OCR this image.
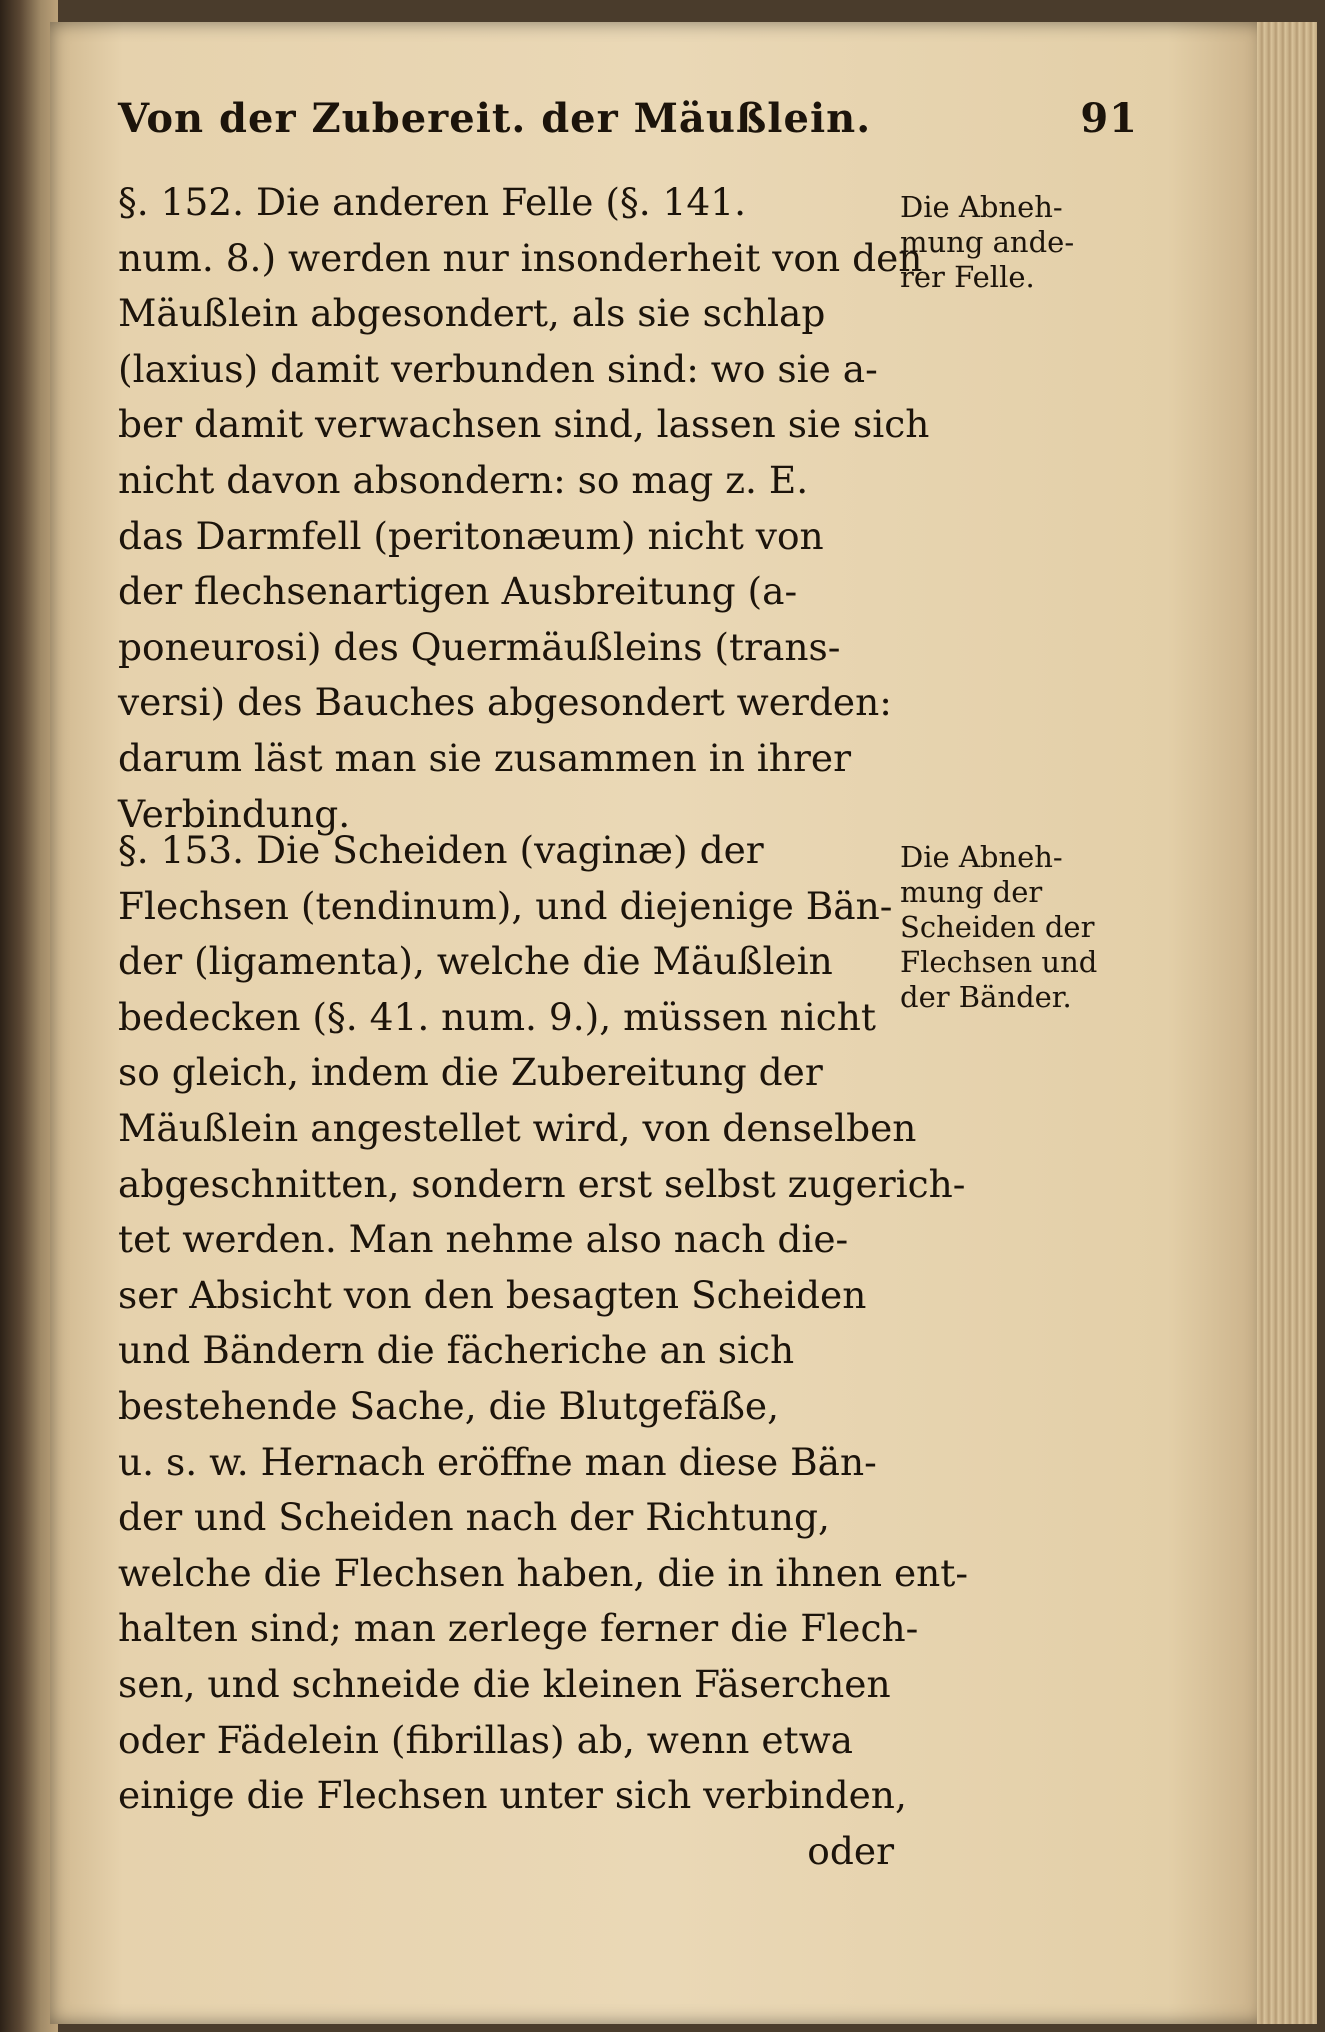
Von der Zubereit. der Mäußlein.	91
§. 152. Die anderen Felle (§. 141.
num. 8.) werden nur insonderheit von den
Mäußlein abgesondert, als sie schlap
(laxius) damit verbunden sind: wo sie a-
ber damit verwachsen sind, lassen sie sich
nicht davon absondern: so mag z. E.
das Darmfell (peritonæum) nicht von
der flechsenartigen Ausbreitung (a-
poneurosi) des Quermäußleins (trans-
versi) des Bauches abgesondert werden:
darum läst man sie zusammen in ihrer
Verbindung.
Die Abneh-
mung ande-
rer Felle.
§. 153. Die Scheiden (vaginæ) der
Flechsen (tendinum), und diejenige Bän-
der (ligamenta), welche die Mäußlein
bedecken (§. 41. num. 9.), müssen nicht
so gleich, indem die Zubereitung der
Mäußlein angestellet wird, von denselben
abgeschnitten, sondern erst selbst zugerich-
tet werden. Man nehme also nach die-
ser Absicht von den besagten Scheiden
und Bändern die fächeriche an sich
bestehende Sache, die Blutgefäße,
u. s. w. Hernach eröffne man diese Bän-
der und Scheiden nach der Richtung,
welche die Flechsen haben, die in ihnen ent-
halten sind; man zerlege ferner die Flech-
sen, und schneide die kleinen Fäserchen
oder Fädelein (fibrillas) ab, wenn etwa
einige die Flechsen unter sich verbinden,
oder
Die Abneh-
mung der
Scheiden der
Flechsen und
der Bänder.
